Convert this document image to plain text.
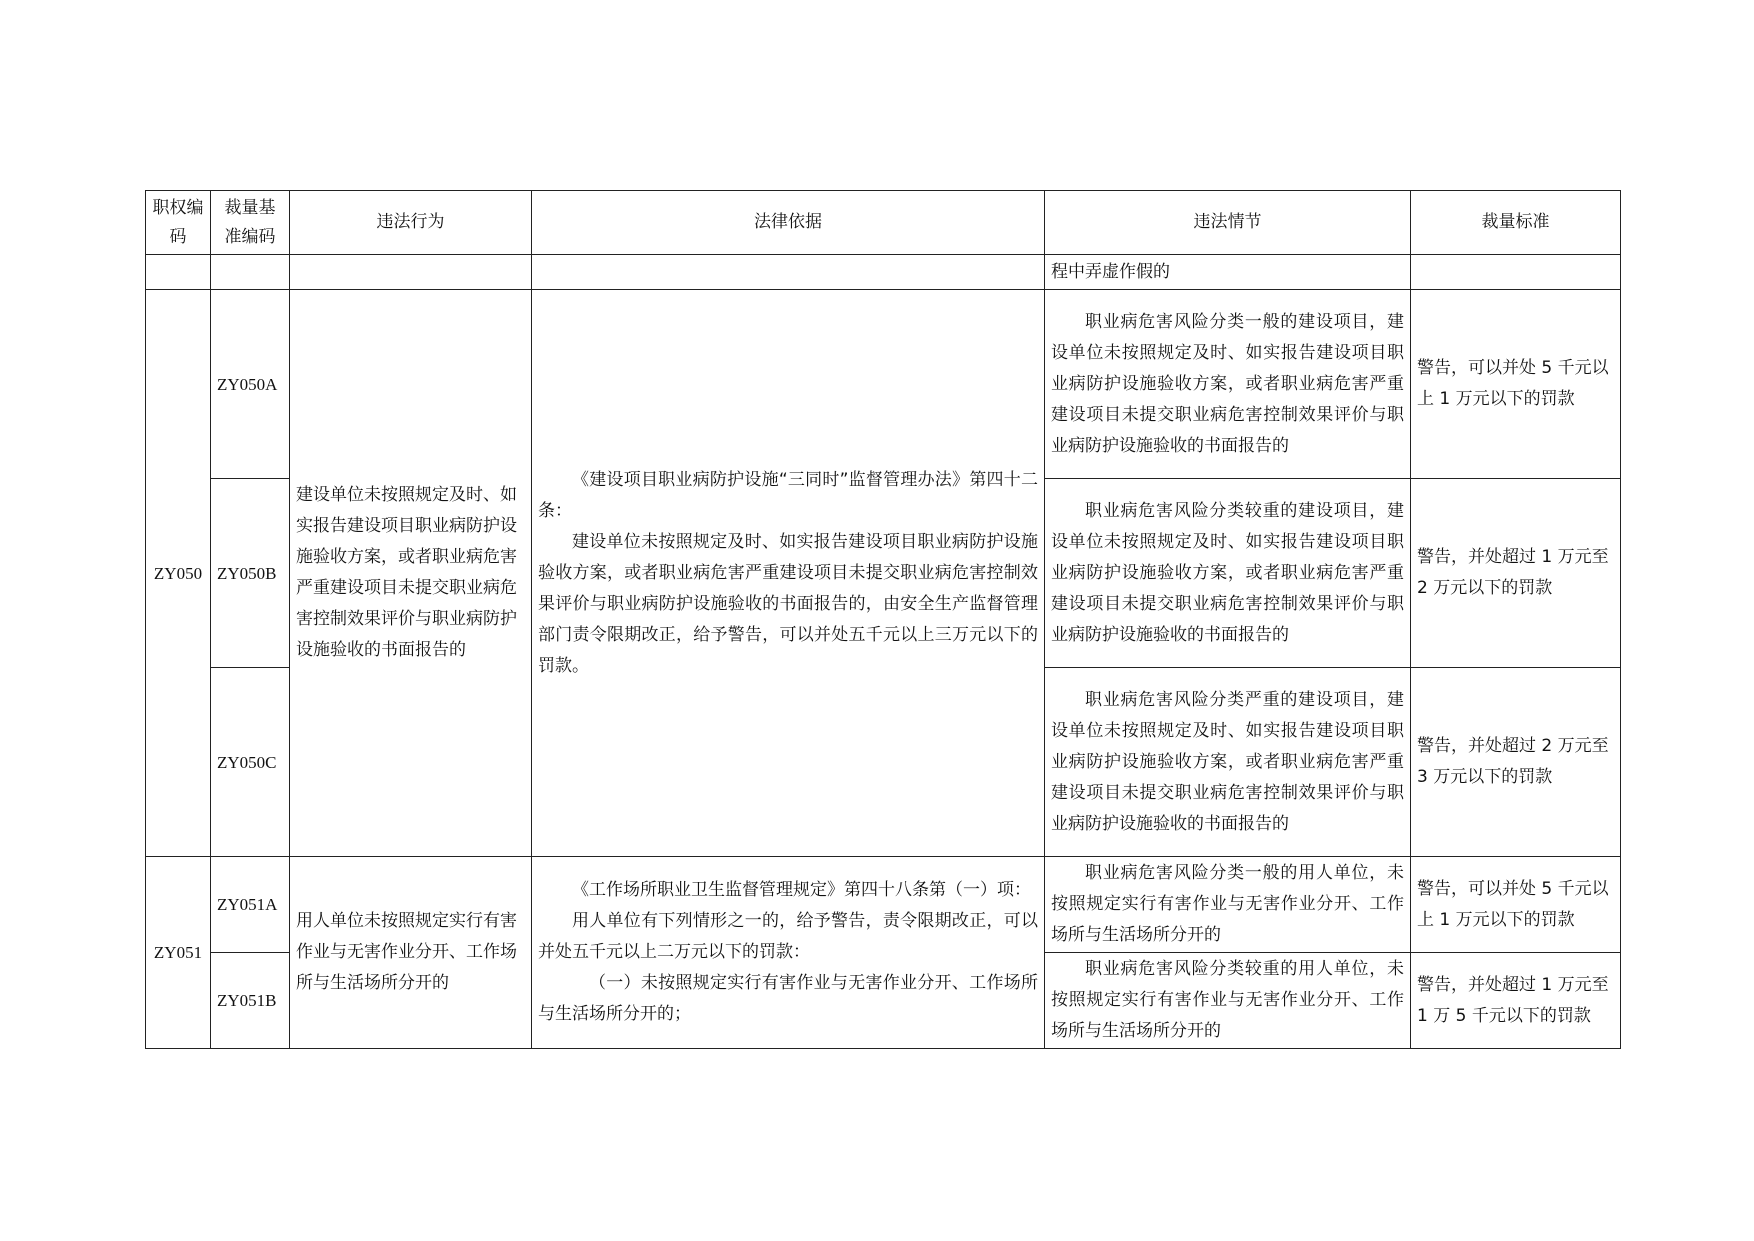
职权编码	裁量基准编码	违法行为	法律依据	违法情节	裁量标准
				程中弄虚作假的	
ZY050	ZY050A	建设单位未按照规定及时、如实报告建设项目职业病防护设施验收方案，或者职业病危害严重建设项目未提交职业病危害控制效果评价与职业病防护设施验收的书面报告的	《建设项目职业病防护设施“三同时”监督管理办法》第四十二条：
建设单位未按照规定及时、如实报告建设项目职业病防护设施验收方案，或者职业病危害严重建设项目未提交职业病危害控制效果评价与职业病防护设施验收的书面报告的，由安全生产监督管理部门责令限期改正，给予警告，可以并处五千元以上三万元以下的罚款。	职业病危害风险分类一般的建设项目，建设单位未按照规定及时、如实报告建设项目职业病防护设施验收方案，或者职业病危害严重建设项目未提交职业病危害控制效果评价与职业病防护设施验收的书面报告的	警告，可以并处 5 千元以上 1 万元以下的罚款
	ZY050B			职业病危害风险分类较重的建设项目，建设单位未按照规定及时、如实报告建设项目职业病防护设施验收方案，或者职业病危害严重建设项目未提交职业病危害控制效果评价与职业病防护设施验收的书面报告的	警告，并处超过 1 万元至 2 万元以下的罚款
	ZY050C			职业病危害风险分类严重的建设项目，建设单位未按照规定及时、如实报告建设项目职业病防护设施验收方案，或者职业病危害严重建设项目未提交职业病危害控制效果评价与职业病防护设施验收的书面报告的	警告，并处超过 2 万元至 3 万元以下的罚款
ZY051	ZY051A	用人单位未按照规定实行有害作业与无害作业分开、工作场所与生活场所分开的	《工作场所职业卫生监督管理规定》第四十八条第（一）项：
用人单位有下列情形之一的，给予警告，责令限期改正，可以并处五千元以上二万元以下的罚款：
（一）未按照规定实行有害作业与无害作业分开、工作场所与生活场所分开的；	职业病危害风险分类一般的用人单位，未按照规定实行有害作业与无害作业分开、工作场所与生活场所分开的	警告，可以并处 5 千元以上 1 万元以下的罚款
	ZY051B			职业病危害风险分类较重的用人单位，未按照规定实行有害作业与无害作业分开、工作场所与生活场所分开的	警告，并处超过 1 万元至 1 万 5 千元以下的罚款
